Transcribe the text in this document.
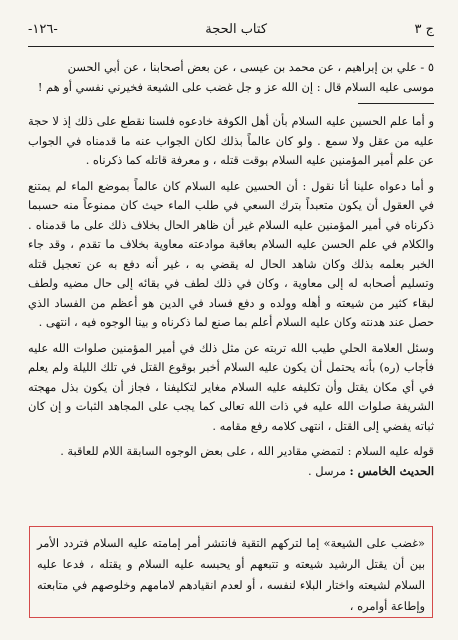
-١٢٦-	كتاب الحجة	ج ٣

٥ - علي بن إبراهيم ، عن محمد بن عيسى ، عن بعض أصحابنا ، عن أبي الحسن

موسى عليه السلام قال : إن الله عز و جل غضب على الشيعة فخيرني نفسي أو هم !

و أما علم الحسين عليه السلام بأن أهل الكوفة خادعوه فلسنا نقطع على ذلك إذ لا حجة عليه من عقل ولا سمع . ولو كان عالماً بذلك لكان الجواب عنه ما قدمناه في الجواب عن علم أمير المؤمنين عليه السلام بوقت قتله ، و معرفة قاتله كما ذكرناه .

و أما دعواه علينا أنا نقول : أن الحسين عليه السلام كان عالماً بموضع الماء لم يمتنع في العقول أن يكون متعبداً بترك السعي في طلب الماء حيث كان ممنوعاً منه حسبما ذكرناه في أمير المؤمنين عليه السلام غير أن ظاهر الحال بخلاف ذلك على ما قدمناه . والكلام في علم الحسن عليه السلام بعاقبة موادعته معاوية بخلاف ما تقدم ، وقد جاء الخبر بعلمه بذلك وكان شاهد الحال له يقضي به ، غير أنه دفع به عن تعجيل قتله وتسليم أصحابه له إلى معاوية ، وكان في ذلك لطف في بقائه إلى حال مضيه ولطف لبقاء كثير من شيعته و أهله وولده و دفع فساد في الدين هو أعظم من الفساد الذي حصل عند هدنته وكان عليه السلام أعلم بما صنع لما ذكرناه و بينا الوجوه فيه ، انتهى .

وسئل العلامة الحلي طيب الله تربته عن مثل ذلك في أمير المؤمنين صلوات الله عليه فأجاب (ره) بأنه يحتمل أن يكون عليه السلام أخبر بوقوع القتل في تلك الليلة ولم يعلم في أي مكان يقتل وأن تكليفه عليه السلام مغاير لتكليفنا ، فجاز أن يكون بذل مهجته الشريفة صلوات الله عليه في ذات الله تعالى كما يجب على المجاهد الثبات و إن كان ثباته يفضي إلى القتل ، انتهى كلامه رفع مقامه .

قوله عليه السلام : لتمضي مقادير الله ، على بعض الوجوه السابقة اللام للعاقبة .

الحديث الخامس : مرسل .

«غضب على الشيعة» إما لتركهم التقية فانتشر أمر إمامته عليه السلام فتردد الأمر بين أن يقتل الرشيد شيعته و تتبعهم أو يحبسه عليه السلام و يقتله ، فدعا عليه السلام لشيعته واختار البلاء لنفسه ، أو لعدم انقيادهم لامامهم وخلوصهم في متابعته وإطاعة أوامره ،
